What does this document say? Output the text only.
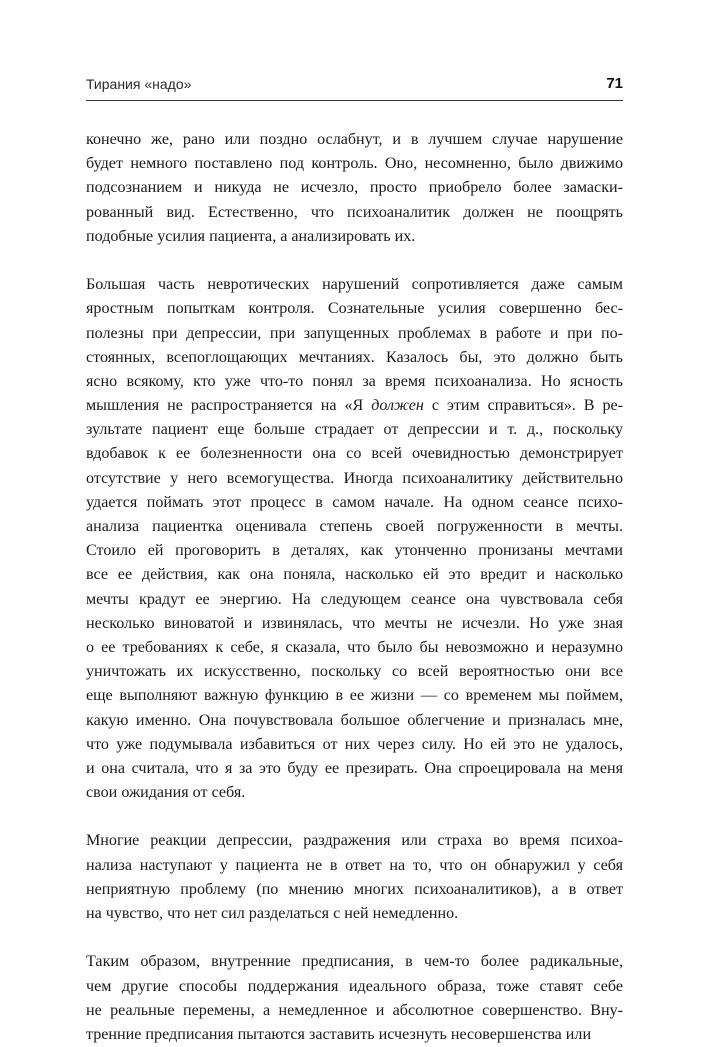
Тирания «надо»	71
конечно же, рано или поздно ослабнут, и в лучшем случае нарушение
будет немного поставлено под контроль. Оно, несомненно, было движимо
подсознанием и никуда не исчезло, просто приобрело более замаски-
рованный вид. Естественно, что психоаналитик должен не поощрять
подобные усилия пациента, а анализировать их.
Большая часть невротических нарушений сопротивляется даже самым
яростным попыткам контроля. Сознательные усилия совершенно бес-
полезны при депрессии, при запущенных проблемах в работе и при по-
стоянных, всепоглощающих мечтаниях. Казалось бы, это должно быть
ясно всякому, кто уже что-то понял за время психоанализа. Но ясность
мышления не распространяется на «Я должен с этим справиться». В ре-
зультате пациент еще больше страдает от депрессии и т. д., поскольку
вдобавок к ее болезненности она со всей очевидностью демонстрирует
отсутствие у него всемогущества. Иногда психоаналитику действительно
удается поймать этот процесс в самом начале. На одном сеансе психо-
анализа пациентка оценивала степень своей погруженности в мечты.
Стоило ей проговорить в деталях, как утонченно пронизаны мечтами
все ее действия, как она поняла, насколько ей это вредит и насколько
мечты крадут ее энергию. На следующем сеансе она чувствовала себя
несколько виноватой и извинялась, что мечты не исчезли. Но уже зная
о ее требованиях к себе, я сказала, что было бы невозможно и неразумно
уничтожать их искусственно, поскольку со всей вероятностью они все
еще выполняют важную функцию в ее жизни — со временем мы поймем,
какую именно. Она почувствовала большое облегчение и призналась мне,
что уже подумывала избавиться от них через силу. Но ей это не удалось,
и она считала, что я за это буду ее презирать. Она спроецировала на меня
свои ожидания от себя.
Многие реакции депрессии, раздражения или страха во время психоа-
нализа наступают у пациента не в ответ на то, что он обнаружил у себя
неприятную проблему (по мнению многих психоаналитиков), а в ответ
на чувство, что нет сил разделаться с ней немедленно.
Таким образом, внутренние предписания, в чем-то более радикальные,
чем другие способы поддержания идеального образа, тоже ставят себе
не реальные перемены, а немедленное и абсолютное совершенство. Вну-
тренние предписания пытаются заставить исчезнуть несовершенства или
